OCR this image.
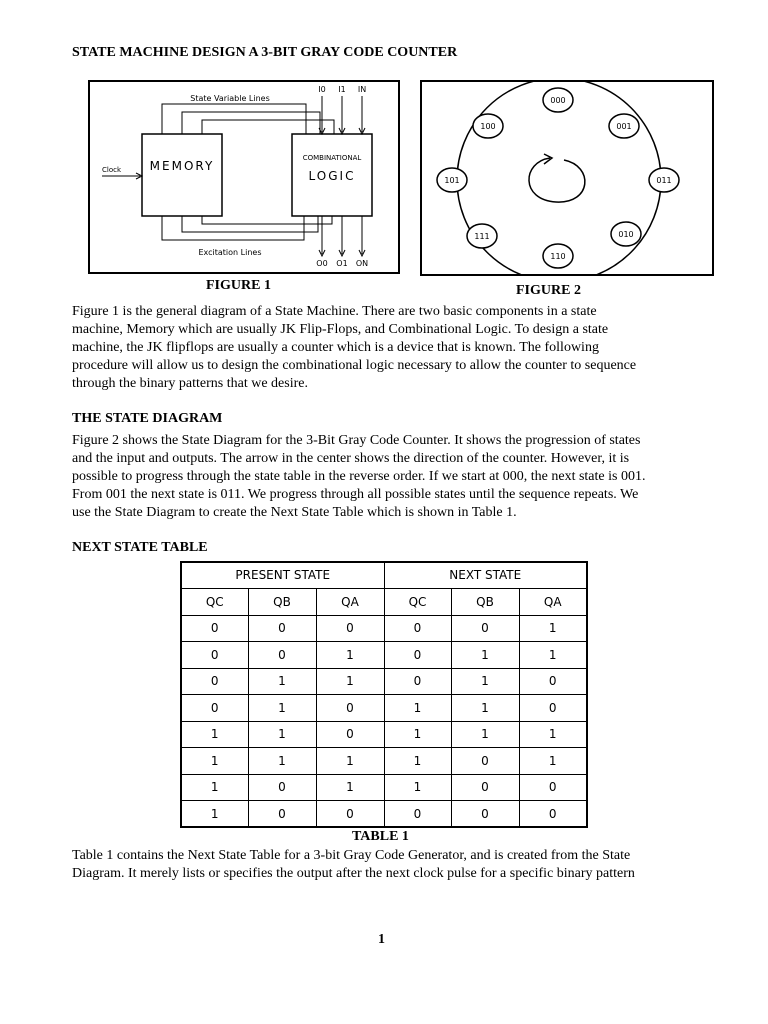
STATE MACHINE DESIGN A 3-BIT GRAY CODE COUNTER
MEMORY
COMBINATIONAL
LOGIC
State Variable Lines
Excitation Lines
I0 I1 IN
O0 O1 ON
Clock
FIGURE 1
000
001
011
010
110
111
101
100
FIGURE 2
Figure 1 is the general diagram of a State Machine. There are two basic components in a state
machine, Memory which are usually JK Flip-Flops, and Combinational Logic. To design a state
machine, the JK flipflops are usually a counter which is a device that is known. The following
procedure will allow us to design the combinational logic necessary to allow the counter to sequence
through the binary patterns that we desire.
THE STATE DIAGRAM
Figure 2 shows the State Diagram for the 3-Bit Gray Code Counter. It shows the progression of states
and the input and outputs. The arrow in the center shows the direction of the counter. However, it is
possible to progress through the state table in the reverse order. If we start at 000, the next state is 001.
From 001 the next state is 011. We progress through all possible states until the sequence repeats. We
use the State Diagram to create the Next State Table which is shown in Table 1.
NEXT STATE TABLE
PRESENT STATE			NEXT STATE		
QC	QB	QA	QC	QB	QA
0	0	0	0	0	1
0	0	1	0	1	1
0	1	1	0	1	0
0	1	0	1	1	0
1	1	0	1	1	1
1	1	1	1	0	1
1	0	1	1	0	0
1	0	0	0	0	0
TABLE 1
Table 1 contains the Next State Table for a 3-bit Gray Code Generator, and is created from the State
Diagram. It merely lists or specifies the output after the next clock pulse for a specific binary pattern
1
